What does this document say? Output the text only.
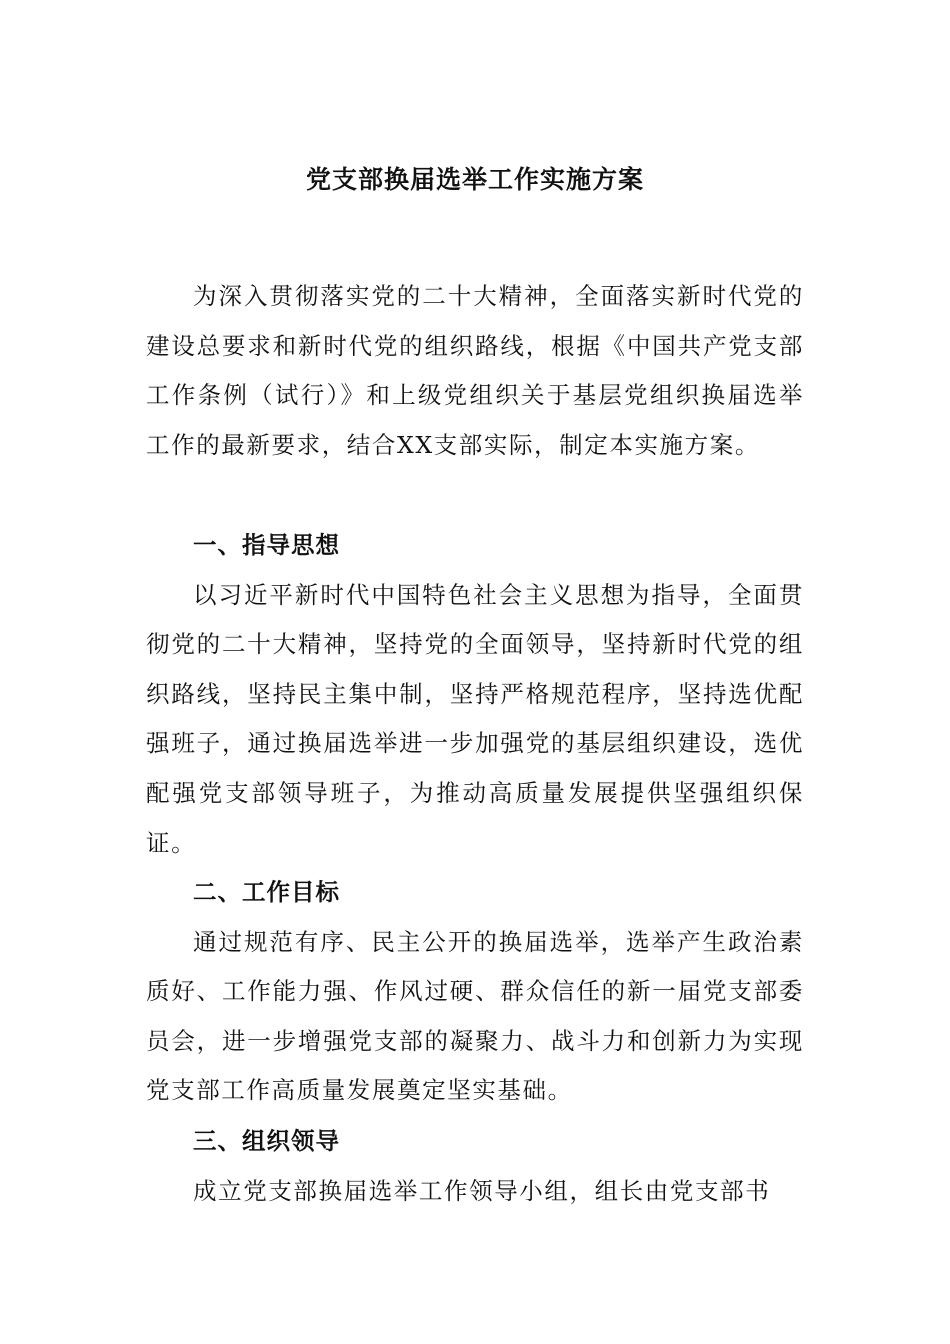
党支部换届选举工作实施方案

为深入贯彻落实党的二十大精神，全面落实新时代党的建设总要求和新时代党的组织路线，根据《中国共产党支部工作条例（试行）》和上级党组织关于基层党组织换届选举工作的最新要求，结合XX支部实际，制定本实施方案。

一、指导思想

以习近平新时代中国特色社会主义思想为指导，全面贯彻党的二十大精神，坚持党的全面领导，坚持新时代党的组织路线，坚持民主集中制，坚持严格规范程序，坚持选优配强班子，通过换届选举进一步加强党的基层组织建设，选优配强党支部领导班子，为推动高质量发展提供坚强组织保证。

二、工作目标

通过规范有序、民主公开的换届选举，选举产生政治素质好、工作能力强、作风过硬、群众信任的新一届党支部委员会，进一步增强党支部的凝聚力、战斗力和创新力为实现党支部工作高质量发展奠定坚实基础。

三、组织领导

成立党支部换届选举工作领导小组，组长由党支部书
